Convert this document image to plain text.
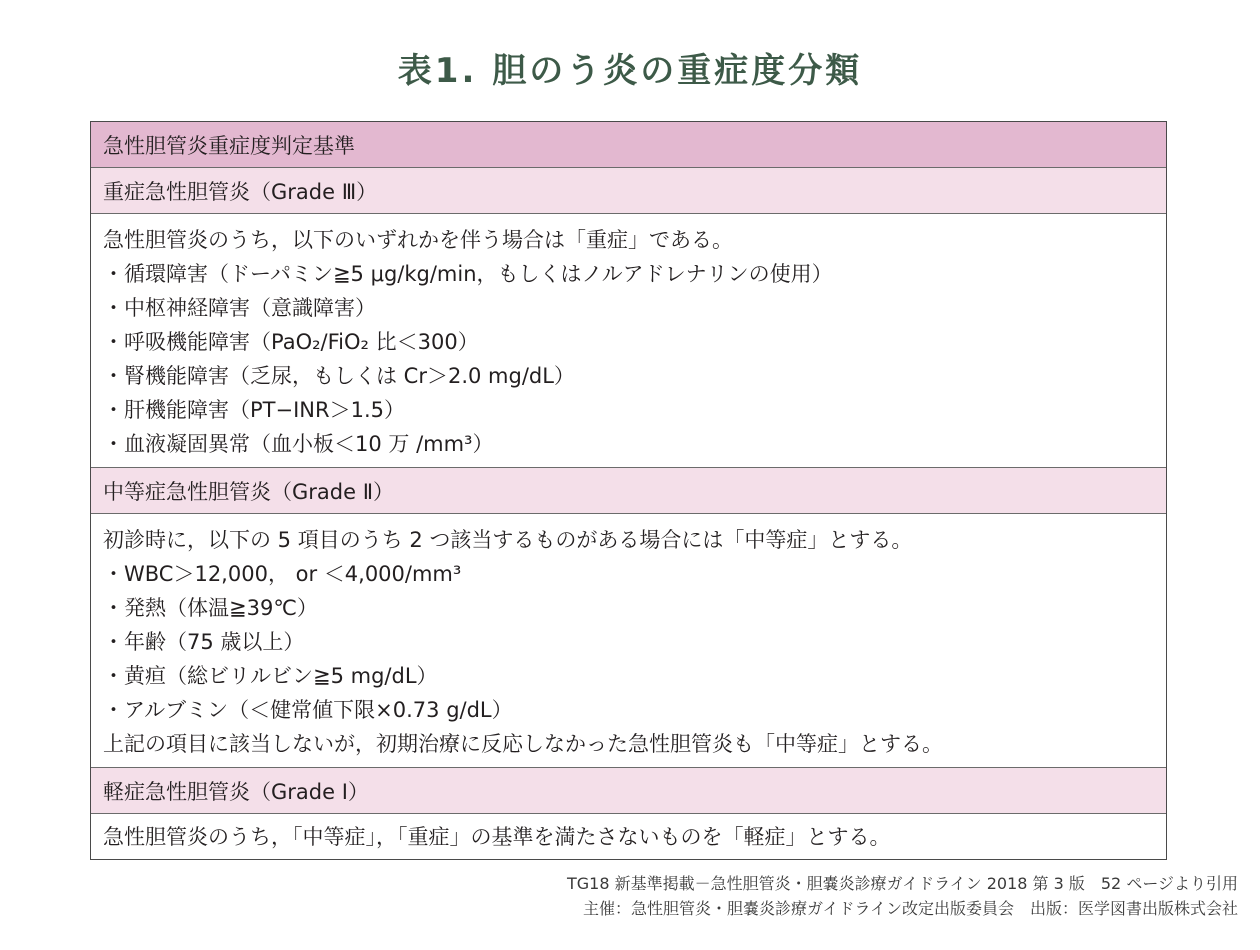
表1. 胆のう炎の重症度分類
急性胆管炎重症度判定基準
重症急性胆管炎（Grade Ⅲ）
急性胆管炎のうち，以下のいずれかを伴う場合は「重症」である。
・循環障害（ドーパミン≧5 μg/kg/min，もしくはノルアドレナリンの使用）
・中枢神経障害（意識障害）
・呼吸機能障害（PaO₂/FiO₂ 比＜300）
・腎機能障害（乏尿，もしくは Cr＞2.0 mg/dL）
・肝機能障害（PT−INR＞1.5）
・血液凝固異常（血小板＜10 万 /mm³）
中等症急性胆管炎（Grade Ⅱ）
初診時に，以下の 5 項目のうち 2 つ該当するものがある場合には「中等症」とする。
・WBC＞12,000， or ＜4,000/mm³
・発熱（体温≧39℃）
・年齢（75 歳以上）
・黄疸（総ビリルビン≧5 mg/dL）
・アルブミン（＜健常値下限×0.73 g/dL）
上記の項目に該当しないが，初期治療に反応しなかった急性胆管炎も「中等症」とする。
軽症急性胆管炎（Grade Ⅰ）
急性胆管炎のうち，「中等症」，「重症」の基準を満たさないものを「軽症」とする。
TG18 新基準掲載－急性胆管炎・胆嚢炎診療ガイドライン 2018 第 3 版　52 ページより引用
主催：急性胆管炎・胆嚢炎診療ガイドライン改定出版委員会　出版：医学図書出版株式会社
